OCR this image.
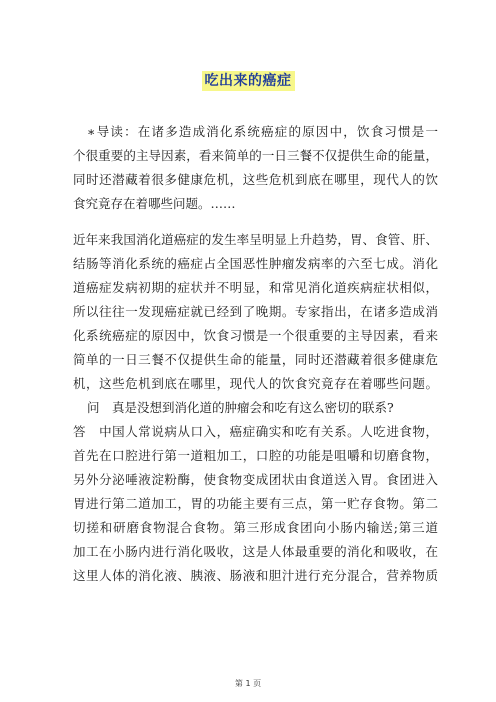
吃出来的癌症
∗导读：在诸多造成消化系统癌症的原因中，饮食习惯是一
个很重要的主导因素，看来简单的一日三餐不仅提供生命的能量，
同时还潜藏着很多健康危机，这些危机到底在哪里，现代人的饮
食究竟存在着哪些问题。……
近年来我国消化道癌症的发生率呈明显上升趋势，胃、食管、肝、
结肠等消化系统的癌症占全国恶性肿瘤发病率的六至七成。消化
道癌症发病初期的症状并不明显，和常见消化道疾病症状相似，
所以往往一发现癌症就已经到了晚期。专家指出，在诸多造成消
化系统癌症的原因中，饮食习惯是一个很重要的主导因素，看来
简单的一日三餐不仅提供生命的能量，同时还潜藏着很多健康危
机，这些危机到底在哪里，现代人的饮食究竟存在着哪些问题。
问　真是没想到消化道的肿瘤会和吃有这么密切的联系?
答　中国人常说病从口入，癌症确实和吃有关系。人吃进食物，
首先在口腔进行第一道粗加工，口腔的功能是咀嚼和切磨食物，
另外分泌唾液淀粉酶，使食物变成团状由食道送入胃。食团进入
胃进行第二道加工，胃的功能主要有三点，第一贮存食物。第二
切搓和研磨食物混合食物。第三形成食团向小肠内输送;第三道
加工在小肠内进行消化吸收，这是人体最重要的消化和吸收，在
这里人体的消化液、胰液、肠液和胆汁进行充分混合，营养物质
第 1 页
